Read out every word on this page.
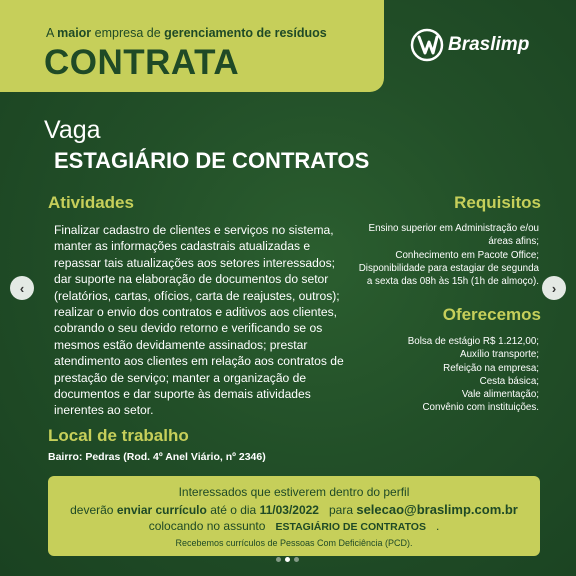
A maior empresa de gerenciamento de resíduos
CONTRATA	Braslimp
Vaga
ESTAGIÁRIO DE CONTRATOS
Atividades
Finalizar cadastro de clientes e serviços no sistema, manter as informações cadastrais atualizadas e repassar tais atualizações aos setores interessados; dar suporte na elaboração de documentos do setor (relatórios, cartas, ofícios, carta de reajustes, outros); realizar o envio dos contratos e aditivos aos clientes, cobrando o seu devido retorno e verificando se os mesmos estão devidamente assinados; prestar atendimento aos clientes em relação aos contratos de prestação de serviço; manter a organização de documentos e dar suporte às demais atividades inerentes ao setor.
Requisitos
Ensino superior em Administração e/ou
áreas afins;
Conhecimento em Pacote Office;
Disponibilidade para estagiar de segunda
a sexta das 08h às 15h (1h de almoço).
Oferecemos
Bolsa de estágio R$ 1.212,00;
Auxílio transporte;
Refeição na empresa;
Cesta básica;
Vale alimentação;
Convênio com instituições.
Local de trabalho
Bairro: Pedras (Rod. 4º Anel Viário, nº 2346)
Interessados que estiverem dentro do perfil
deverão enviar currículo até o dia 11/03/2022   para selecao@braslimp.com.br
colocando no assunto   ESTAGIÁRIO DE CONTRATOS   .
Recebemos currículos de Pessoas Com Deficiência (PCD).
‹	›
